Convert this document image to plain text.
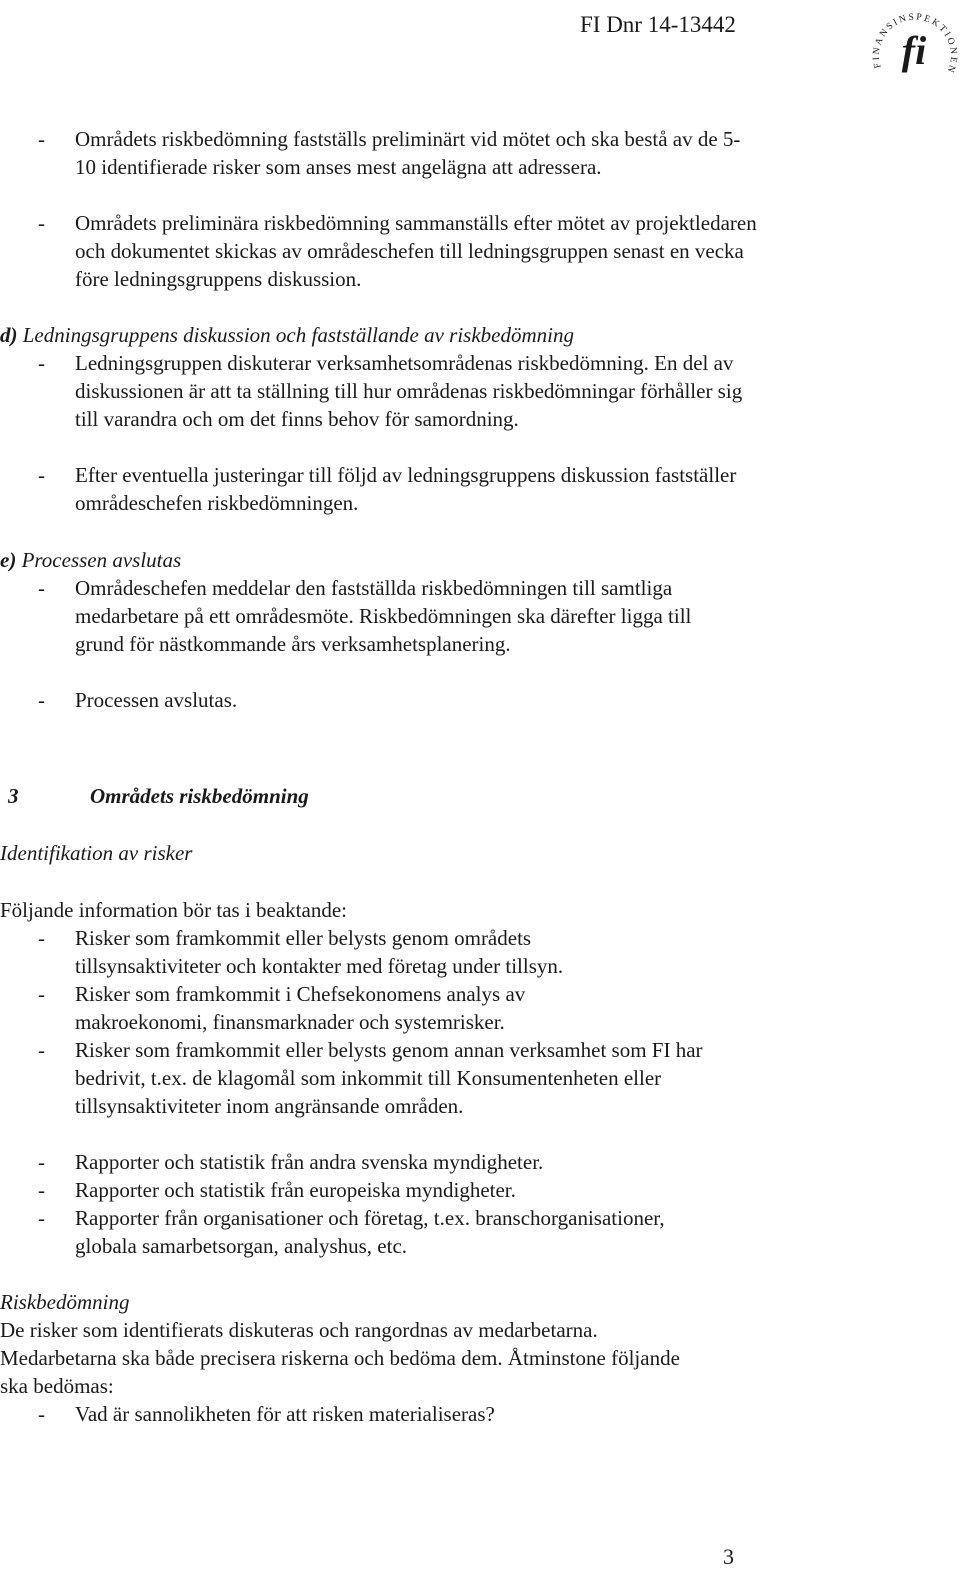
FI Dnr 14-13442
FINANSINSPEKTIONEN
fi
- Områdets riskbedömning fastställs preliminärt vid mötet och ska bestå av de 5-10 identifierade risker som anses mest angelägna att adressera.
- Områdets preliminära riskbedömning sammanställs efter mötet av projektledaren och dokumentet skickas av områdeschefen till ledningsgruppen senast en vecka före ledningsgruppens diskussion.
d) Ledningsgruppens diskussion och fastställande av riskbedömning
- Ledningsgruppen diskuterar verksamhetsområdenas riskbedömning. En del av diskussionen är att ta ställning till hur områdenas riskbedömningar förhåller sig till varandra och om det finns behov för samordning.
- Efter eventuella justeringar till följd av ledningsgruppens diskussion fastställer områdeschefen riskbedömningen.
e) Processen avslutas
- Områdeschefen meddelar den fastställda riskbedömningen till samtliga medarbetare på ett områdesmöte. Riskbedömningen ska därefter ligga till grund för nästkommande års verksamhetsplanering.
- Processen avslutas.
3	Områdets riskbedömning
Identifikation av risker
Följande information bör tas i beaktande:
- Risker som framkommit eller belysts genom områdets tillsynsaktiviteter och kontakter med företag under tillsyn.
- Risker som framkommit i Chefsekonomens analys av makroekonomi, finansmarknader och systemrisker.
- Risker som framkommit eller belysts genom annan verksamhet som FI har bedrivit, t.ex. de klagomål som inkommit till Konsumentenheten eller tillsynsaktiviteter inom angränsande områden.
- Rapporter och statistik från andra svenska myndigheter.
- Rapporter och statistik från europeiska myndigheter.
- Rapporter från organisationer och företag, t.ex. branschorganisationer, globala samarbetsorgan, analyshus, etc.
Riskbedömning
De risker som identifierats diskuteras och rangordnas av medarbetarna. Medarbetarna ska både precisera riskerna och bedöma dem. Åtminstone följande ska bedömas:
- Vad är sannolikheten för att risken materialiseras?
3
